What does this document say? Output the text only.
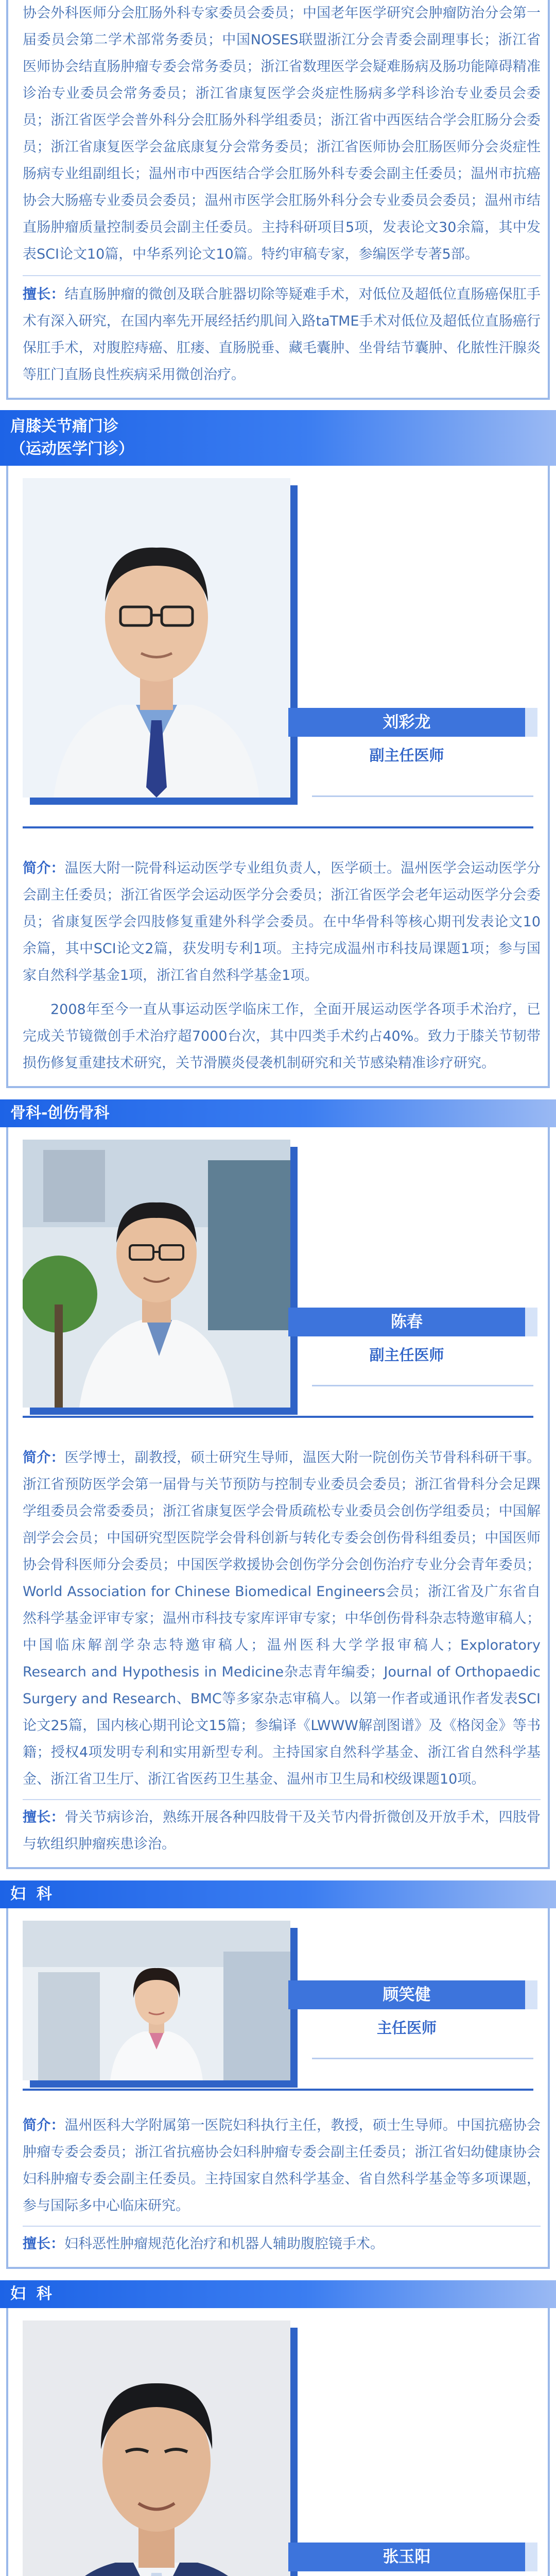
协会外科医师分会肛肠外科专家委员会委员；中国老年医学研究会肿瘤防治分会第一届委员会第二学术部常务委员；中国NOSES联盟浙江分会青委会副理事长；浙江省医师协会结直肠肿瘤专委会常务委员；浙江省数理医学会疑难肠病及肠功能障碍精准诊治专业委员会常务委员；浙江省康复医学会炎症性肠病多学科诊治专业委员会委员；浙江省医学会普外科分会肛肠外科学组委员；浙江省中西医结合学会肛肠分会委员；浙江省康复医学会盆底康复分会常务委员；浙江省医师协会肛肠医师分会炎症性肠病专业组副组长；温州市中西医结合学会肛肠外科专委会副主任委员；温州市抗癌协会大肠癌专业委员会委员；温州市医学会肛肠外科分会专业委员会委员；温州市结直肠肿瘤质量控制委员会副主任委员。主持科研项目5项，发表论文30余篇，其中发表SCI论文10篇，中华系列论文10篇。特约审稿专家，参编医学专著5部。

擅长：结直肠肿瘤的微创及联合脏器切除等疑难手术，对低位及超低位直肠癌保肛手术有深入研究，在国内率先开展经括约肌间入路taTME手术对低位及超低位直肠癌行保肛手术，对腹腔痔癌、肛瘘、直肠脱垂、藏毛囊肿、坐骨结节囊肿、化脓性汗腺炎等肛门直肠良性疾病采用微创治疗。

肩膝关节痛门诊
（运动医学门诊）
刘彩龙
副主任医师

简介：温医大附一院骨科运动医学专业组负责人，医学硕士。温州医学会运动医学分会副主任委员；浙江省医学会运动医学分会委员；浙江省医学会老年运动医学分会委员；省康复医学会四肢修复重建外科学会委员。在中华骨科等核心期刊发表论文10余篇，其中SCI论文2篇，获发明专利1项。主持完成温州市科技局课题1项；参与国家自然科学基金1项，浙江省自然科学基金1项。

2008年至今一直从事运动医学临床工作，全面开展运动医学各项手术治疗，已完成关节镜微创手术治疗超7000台次，其中四类手术约占40%。致力于膝关节韧带损伤修复重建技术研究，关节滑膜炎侵袭机制研究和关节感染精准诊疗研究。

骨科-创伤骨科
陈春
副主任医师

简介：医学博士，副教授，硕士研究生导师，温医大附一院创伤关节骨科科研干事。浙江省预防医学会第一届骨与关节预防与控制专业委员会委员；浙江省骨科分会足踝学组委员会常委委员；浙江省康复医学会骨质疏松专业委员会创伤学组委员；中国解剖学会会员；中国研究型医院学会骨科创新与转化专委会创伤骨科组委员；中国医师协会骨科医师分会委员；中国医学救援协会创伤学分会创伤治疗专业分会青年委员；World Association for Chinese Biomedical Engineers会员；浙江省及广东省自然科学基金评审专家；温州市科技专家库评审专家；中华创伤骨科杂志特邀审稿人；中国临床解剖学杂志特邀审稿人；温州医科大学学报审稿人；Exploratory Research and Hypothesis in Medicine杂志青年编委；Journal of Orthopaedic Surgery and Research、BMC等多家杂志审稿人。以第一作者或通讯作者发表SCI论文25篇，国内核心期刊论文15篇；参编译《LWWW解剖图谱》及《格闵金》等书籍；授权4项发明专利和实用新型专利。主持国家自然科学基金、浙江省自然科学基金、浙江省卫生厅、浙江省医药卫生基金、温州市卫生局和校级课题10项。

擅长：骨关节病诊治，熟练开展各种四肢骨干及关节内骨折微创及开放手术，四肢骨与软组织肿瘤疾患诊治。

妇  科
顾笑健
主任医师

简介：温州医科大学附属第一医院妇科执行主任，教授，硕士生导师。中国抗癌协会肿瘤专委会委员；浙江省抗癌协会妇科肿瘤专委会副主任委员；浙江省妇幼健康协会妇科肿瘤专委会副主任委员。主持国家自然科学基金、省自然科学基金等多项课题，参与国际多中心临床研究。

擅长：妇科恶性肿瘤规范化治疗和机器人辅助腹腔镜手术。

妇  科
张玉阳
